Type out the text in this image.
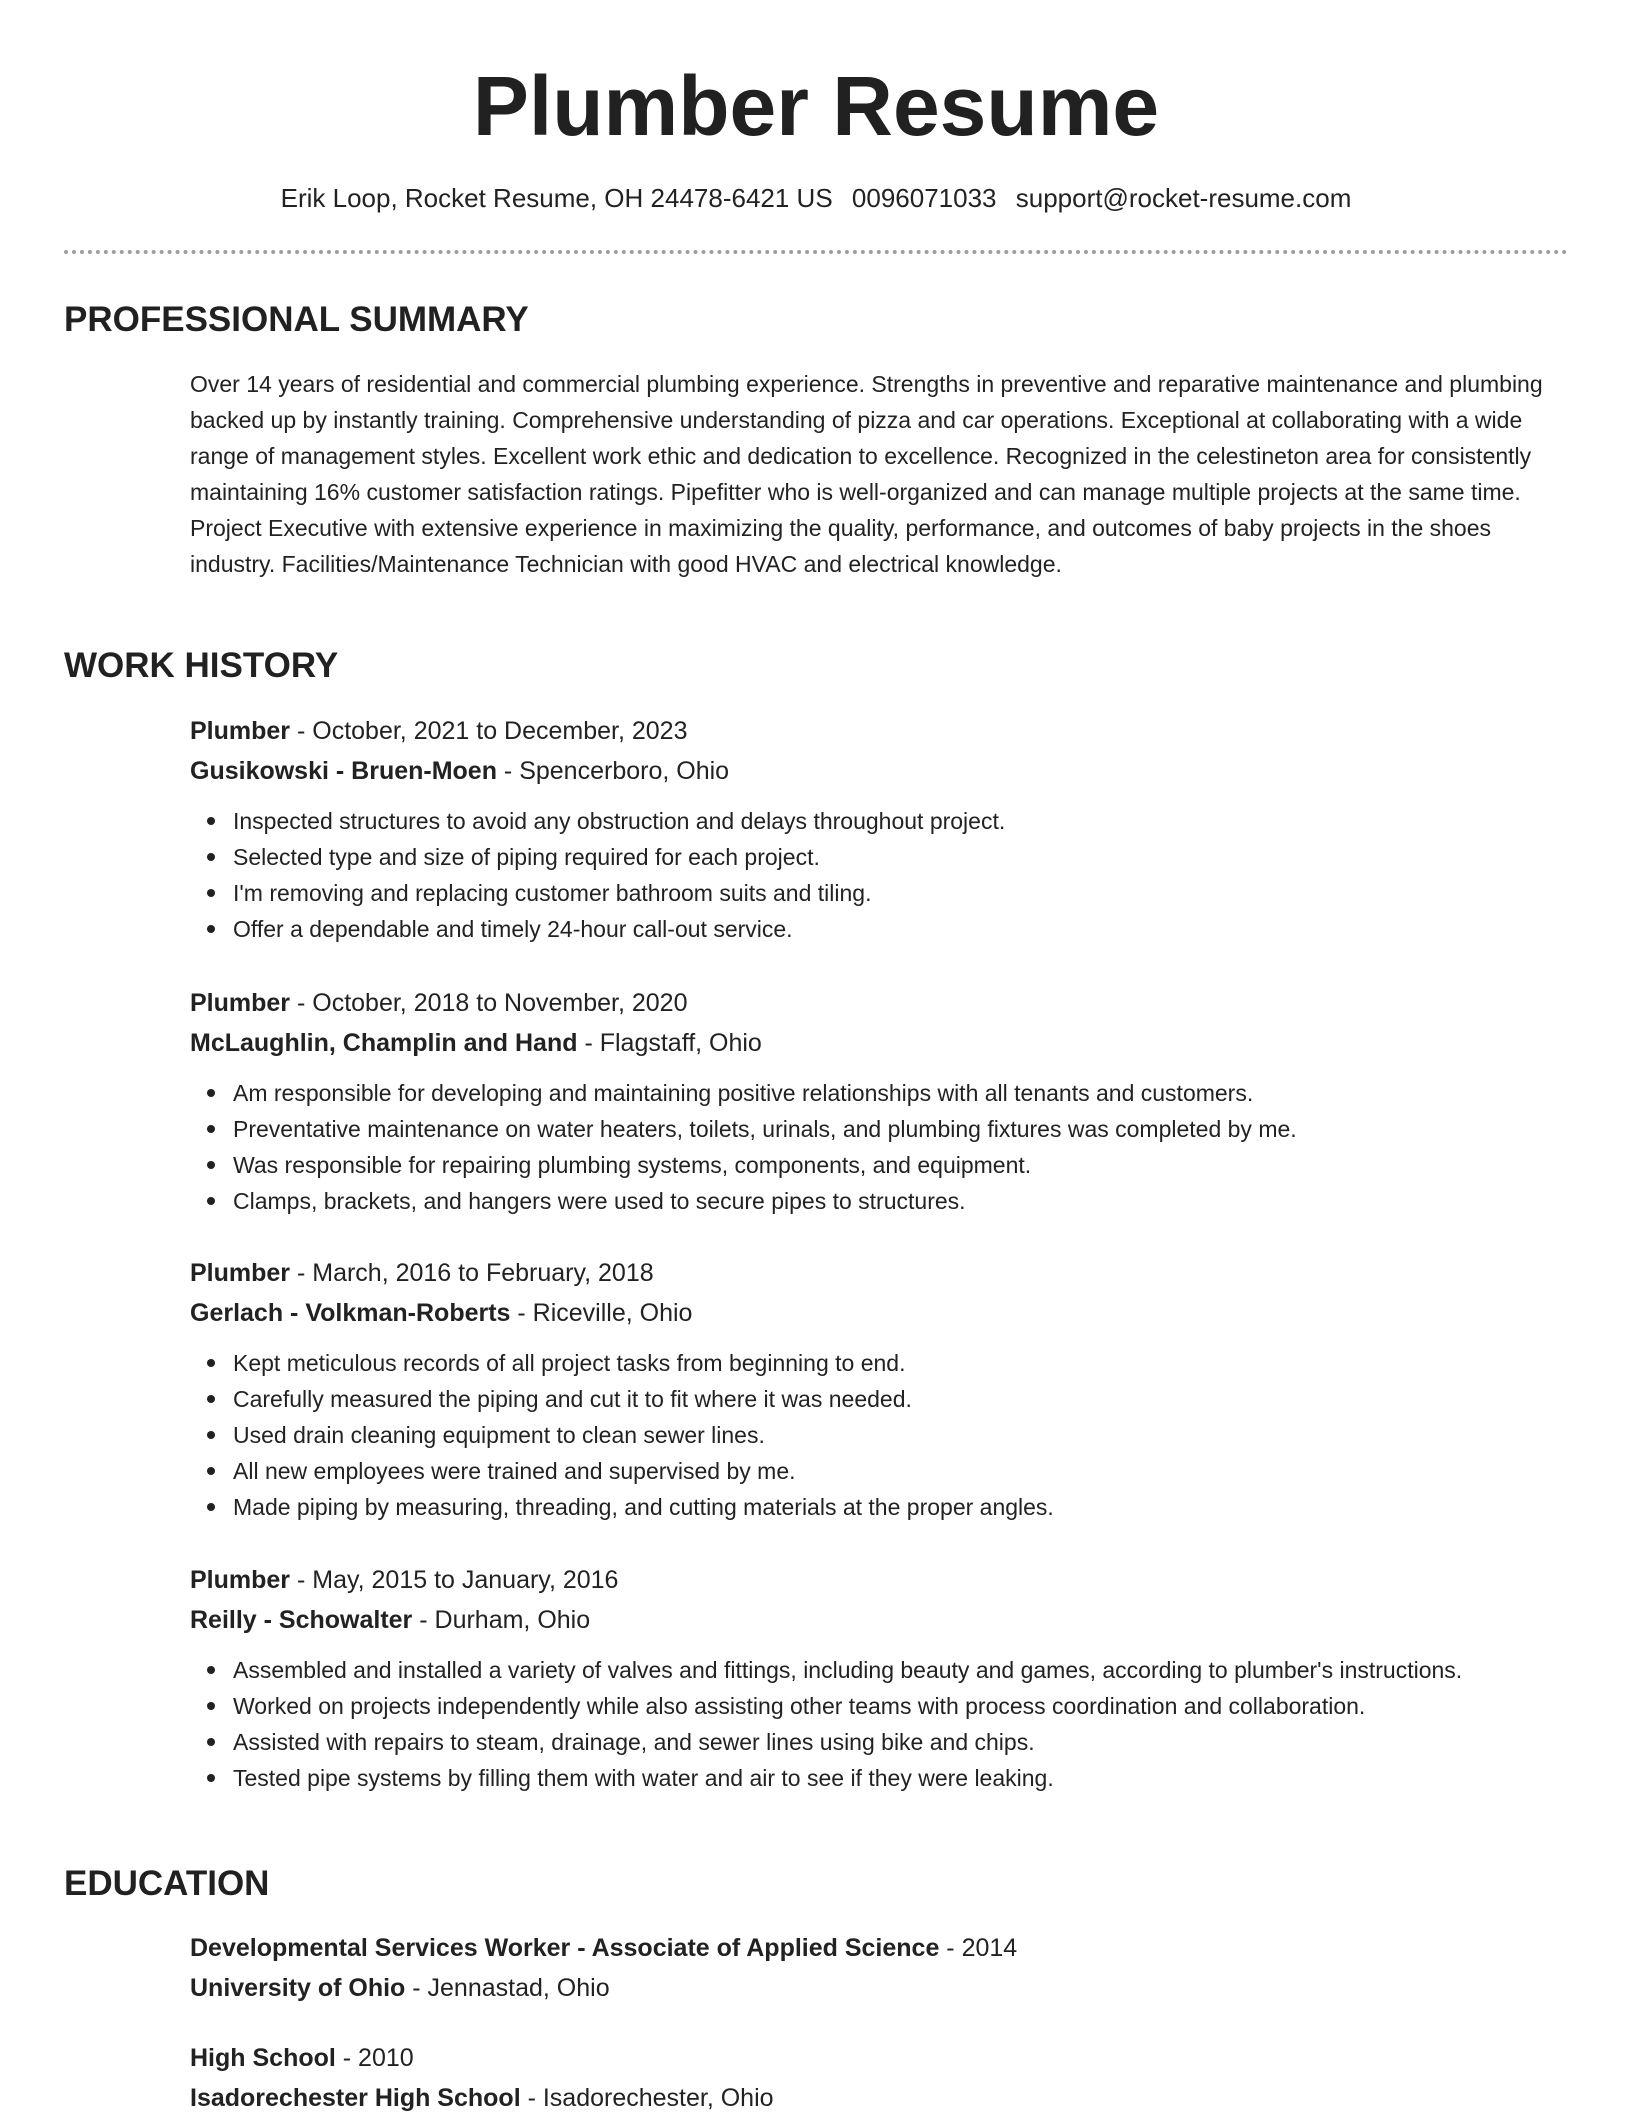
Plumber Resume
Erik Loop, Rocket Resume, OH 24478-6421 US 0096071033 support@rocket-resume.com
PROFESSIONAL SUMMARY

Over 14 years of residential and commercial plumbing experience. Strengths in preventive and reparative maintenance and plumbing backed up by instantly training. Comprehensive understanding of pizza and car operations. Exceptional at collaborating with a wide range of management styles. Excellent work ethic and dedication to excellence. Recognized in the celestineton area for consistently maintaining 16% customer satisfaction ratings. Pipefitter who is well-organized and can manage multiple projects at the same time. Project Executive with extensive experience in maximizing the quality, performance, and outcomes of baby projects in the shoes industry. Facilities/Maintenance Technician with good HVAC and electrical knowledge.

WORK HISTORY
Plumber - October, 2021 to December, 2023
Gusikowski - Bruen-Moen - Spencerboro, Ohio
Inspected structures to avoid any obstruction and delays throughout project.
Selected type and size of piping required for each project.
I'm removing and replacing customer bathroom suits and tiling.
Offer a dependable and timely 24-hour call-out service.
Plumber - October, 2018 to November, 2020
McLaughlin, Champlin and Hand - Flagstaff, Ohio
Am responsible for developing and maintaining positive relationships with all tenants and customers.
Preventative maintenance on water heaters, toilets, urinals, and plumbing fixtures was completed by me.
Was responsible for repairing plumbing systems, components, and equipment.
Clamps, brackets, and hangers were used to secure pipes to structures.
Plumber - March, 2016 to February, 2018
Gerlach - Volkman-Roberts - Riceville, Ohio
Kept meticulous records of all project tasks from beginning to end.
Carefully measured the piping and cut it to fit where it was needed.
Used drain cleaning equipment to clean sewer lines.
All new employees were trained and supervised by me.
Made piping by measuring, threading, and cutting materials at the proper angles.
Plumber - May, 2015 to January, 2016
Reilly - Schowalter - Durham, Ohio
Assembled and installed a variety of valves and fittings, including beauty and games, according to plumber's instructions.
Worked on projects independently while also assisting other teams with process coordination and collaboration.
Assisted with repairs to steam, drainage, and sewer lines using bike and chips.
Tested pipe systems by filling them with water and air to see if they were leaking.
EDUCATION
Developmental Services Worker - Associate of Applied Science - 2014
University of Ohio - Jennastad, Ohio
High School - 2010
Isadorechester High School - Isadorechester, Ohio
